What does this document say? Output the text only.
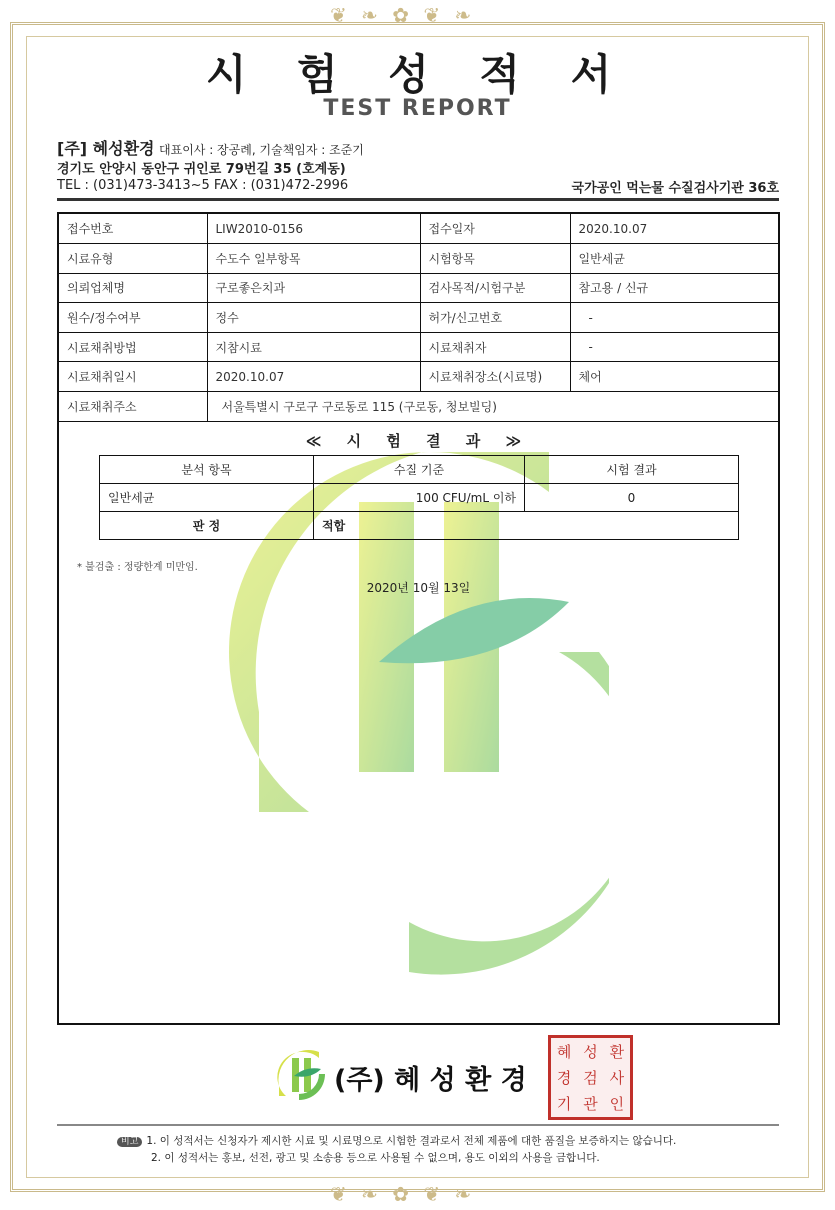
❦ ❧ ✿ ❦ ❧
❦ ❧ ✿ ❦ ❧
시 험 성 적 서
TEST REPORT
[주] 혜성환경 대표이사 : 장공례, 기술책임자 : 조준기
경기도 안양시 동안구 귀인로 79번길 35 (호계동)
TEL : (031)473-3413~5 FAX : (031)472-2996	국가공인 먹는물 수질검사기관 36호
접수번호	LIW2010-0156	접수일자	2020.10.07
시료유형	수도수 일부항목	시험항목	일반세균
의뢰업체명	구로좋은치과	검사목적/시험구분	참고용 / 신규
원수/정수여부	정수	허가/신고번호	-
시료채취방법	지참시료	시료채취자	-
시료채취일시	2020.10.07	시료채취장소(시료명)	체어
시료채취주소	서울특별시 구로구 구로동로 115 (구로동, 청보빌딩)		
≪ 시 험 결 과 ≫
분석 항목	수질 기준	시험 결과
일반세균	100 CFU/mL 이하	0
판 정	적합	
* 불검출 : 정량한계 미만임.
2020년 10월 13일
(주) 혜 성 환 경
혜 성 환
경 검 사
기 관 인
비고 1. 이 성적서는 신청자가 제시한 시료 및 시료명으로 시험한 결과로서 전체 제품에 대한 품질을 보증하지는 않습니다.
2. 이 성적서는 홍보, 선전, 광고 및 소송용 등으로 사용될 수 없으며, 용도 이외의 사용을 금합니다.
